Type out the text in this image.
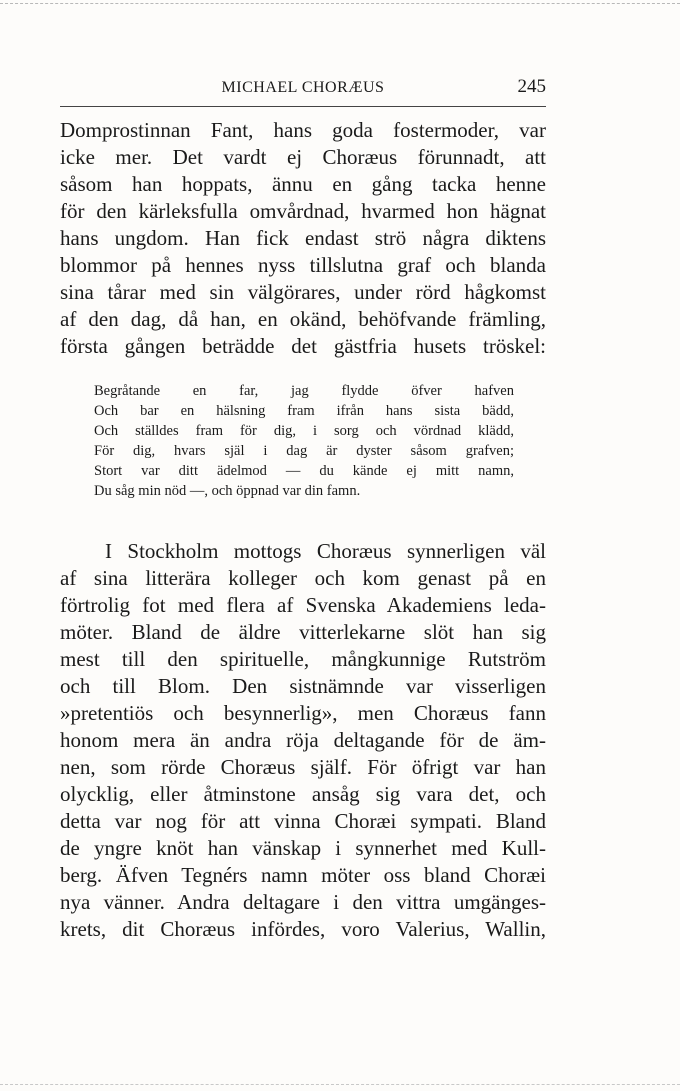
MICHAEL CHORÆUS	245
Domprostinnan Fant, hans goda fostermoder, var
icke mer. Det vardt ej Choræus förunnadt, att
såsom han hoppats, ännu en gång tacka henne
för den kärleksfulla omvårdnad, hvarmed hon hägnat
hans ungdom. Han fick endast strö några diktens
blommor på hennes nyss tillslutna graf och blanda
sina tårar med sin välgörares, under rörd hågkomst
af den dag, då han, en okänd, behöfvande främling,
första gången beträdde det gästfria husets tröskel:
Begråtande en far, jag flydde öfver hafven
Och bar en hälsning fram ifrån hans sista bädd,
Och ställdes fram för dig, i sorg och vördnad klädd,
För dig, hvars själ i dag är dyster såsom grafven;
Stort var ditt ädelmod — du kände ej mitt namn,
Du såg min nöd —, och öppnad var din famn.
I Stockholm mottogs Choræus synnerligen väl
af sina litterära kolleger och kom genast på en
förtrolig fot med flera af Svenska Akademiens leda-
möter. Bland de äldre vitterlekarne slöt han sig
mest till den spirituelle, mångkunnige Rutström
och till Blom. Den sistnämnde var visserligen
»pretentiös och besynnerlig», men Choræus fann
honom mera än andra röja deltagande för de äm-
nen, som rörde Choræus själf. För öfrigt var han
olycklig, eller åtminstone ansåg sig vara det, och
detta var nog för att vinna Choræi sympati. Bland
de yngre knöt han vänskap i synnerhet med Kull-
berg. Äfven Tegnérs namn möter oss bland Choræi
nya vänner. Andra deltagare i den vittra umgänges-
krets, dit Choræus infördes, voro Valerius, Wallin,
